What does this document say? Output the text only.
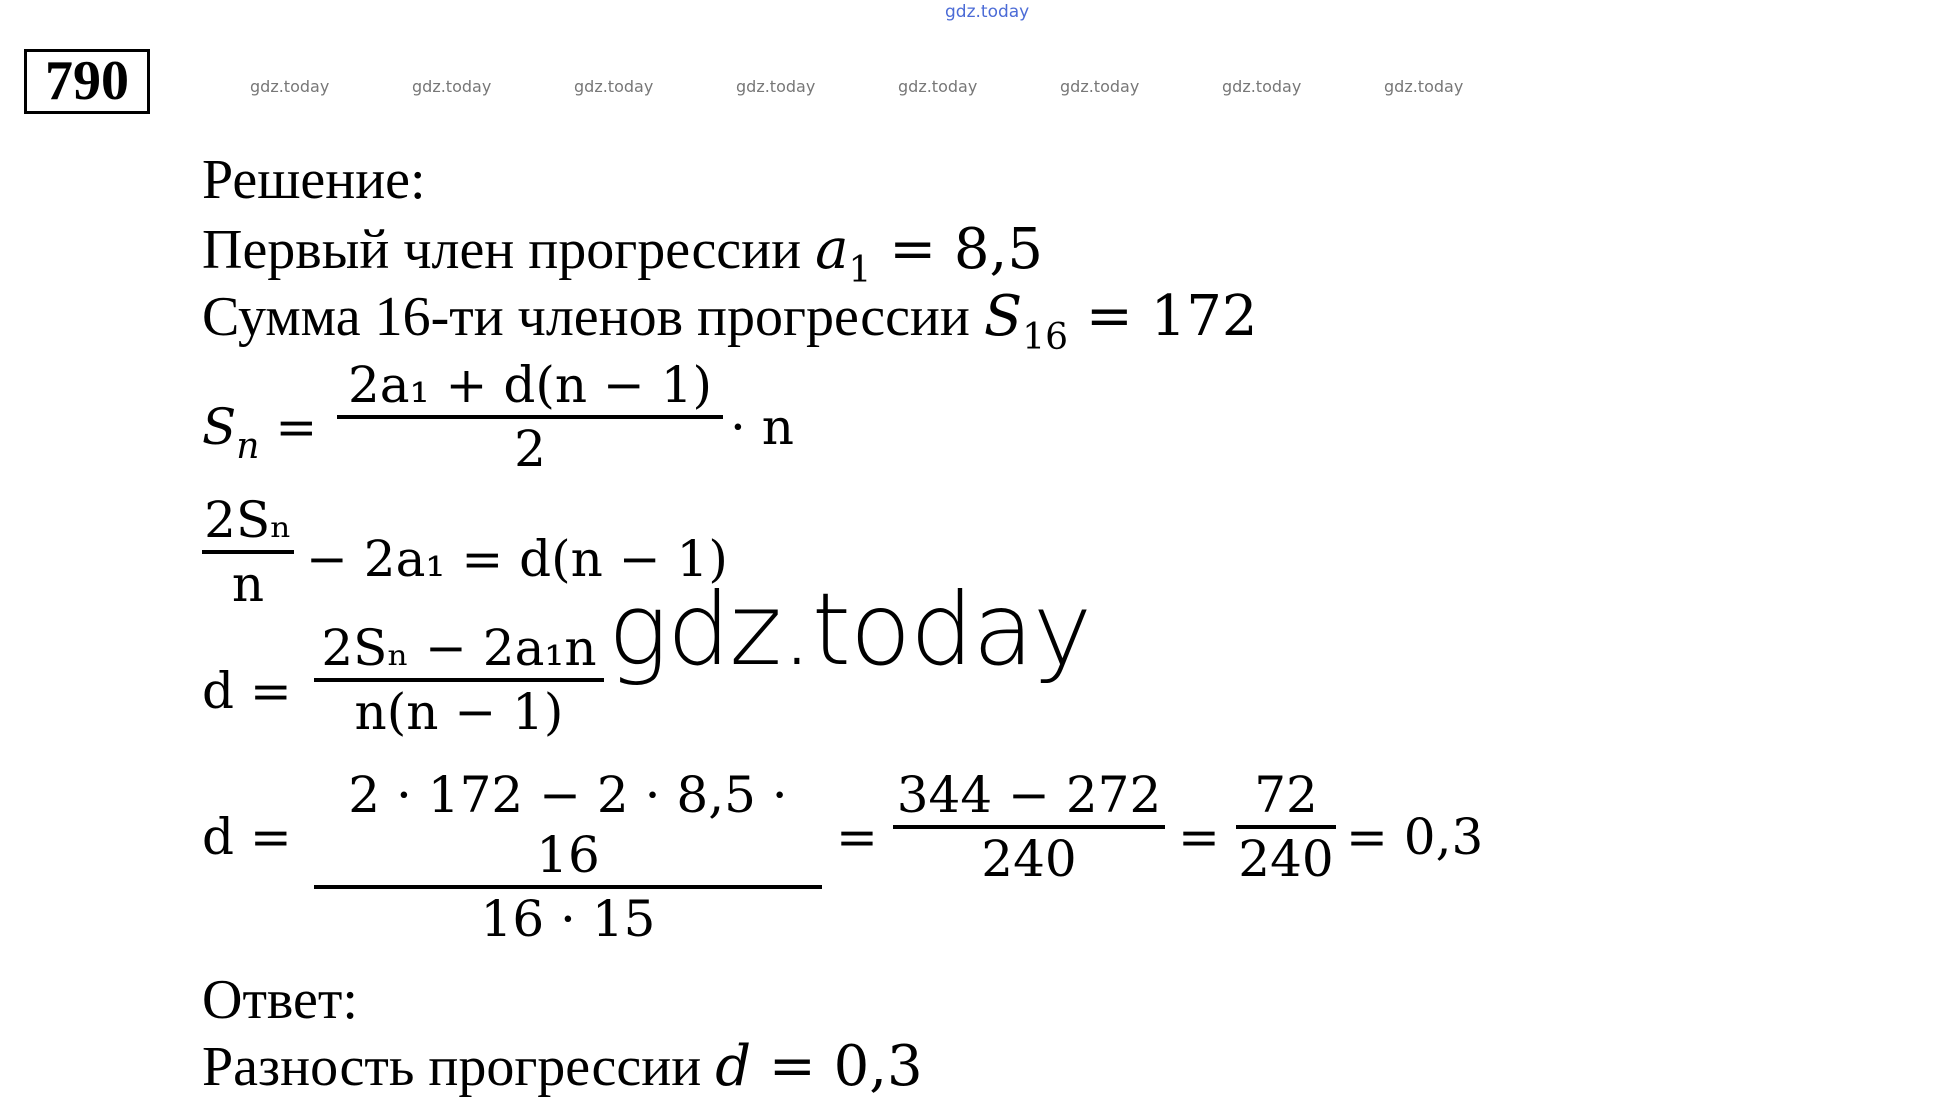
790
gdz.today
gdz.today	gdz.today	gdz.today	gdz.today	gdz.today	gdz.today	gdz.today	gdz.today
Решение:
Первый член прогрессии $a_1 = 8,5$
Сумма 16-ти членов прогрессии $S_{16} = 172$
$S_n$ =
2a₁ + d(n − 1)
2	· n
2Sₙ
n − 2a₁ = d(n − 1)
d =
2Sₙ − 2a₁n
n(n − 1)
d =
2 · 172 − 2 · 8,5 · 16
16 · 15
=
344 − 272
240	=
72
240 = 0,3
Ответ:
Разность прогрессии d = 0,3
gdz.today
